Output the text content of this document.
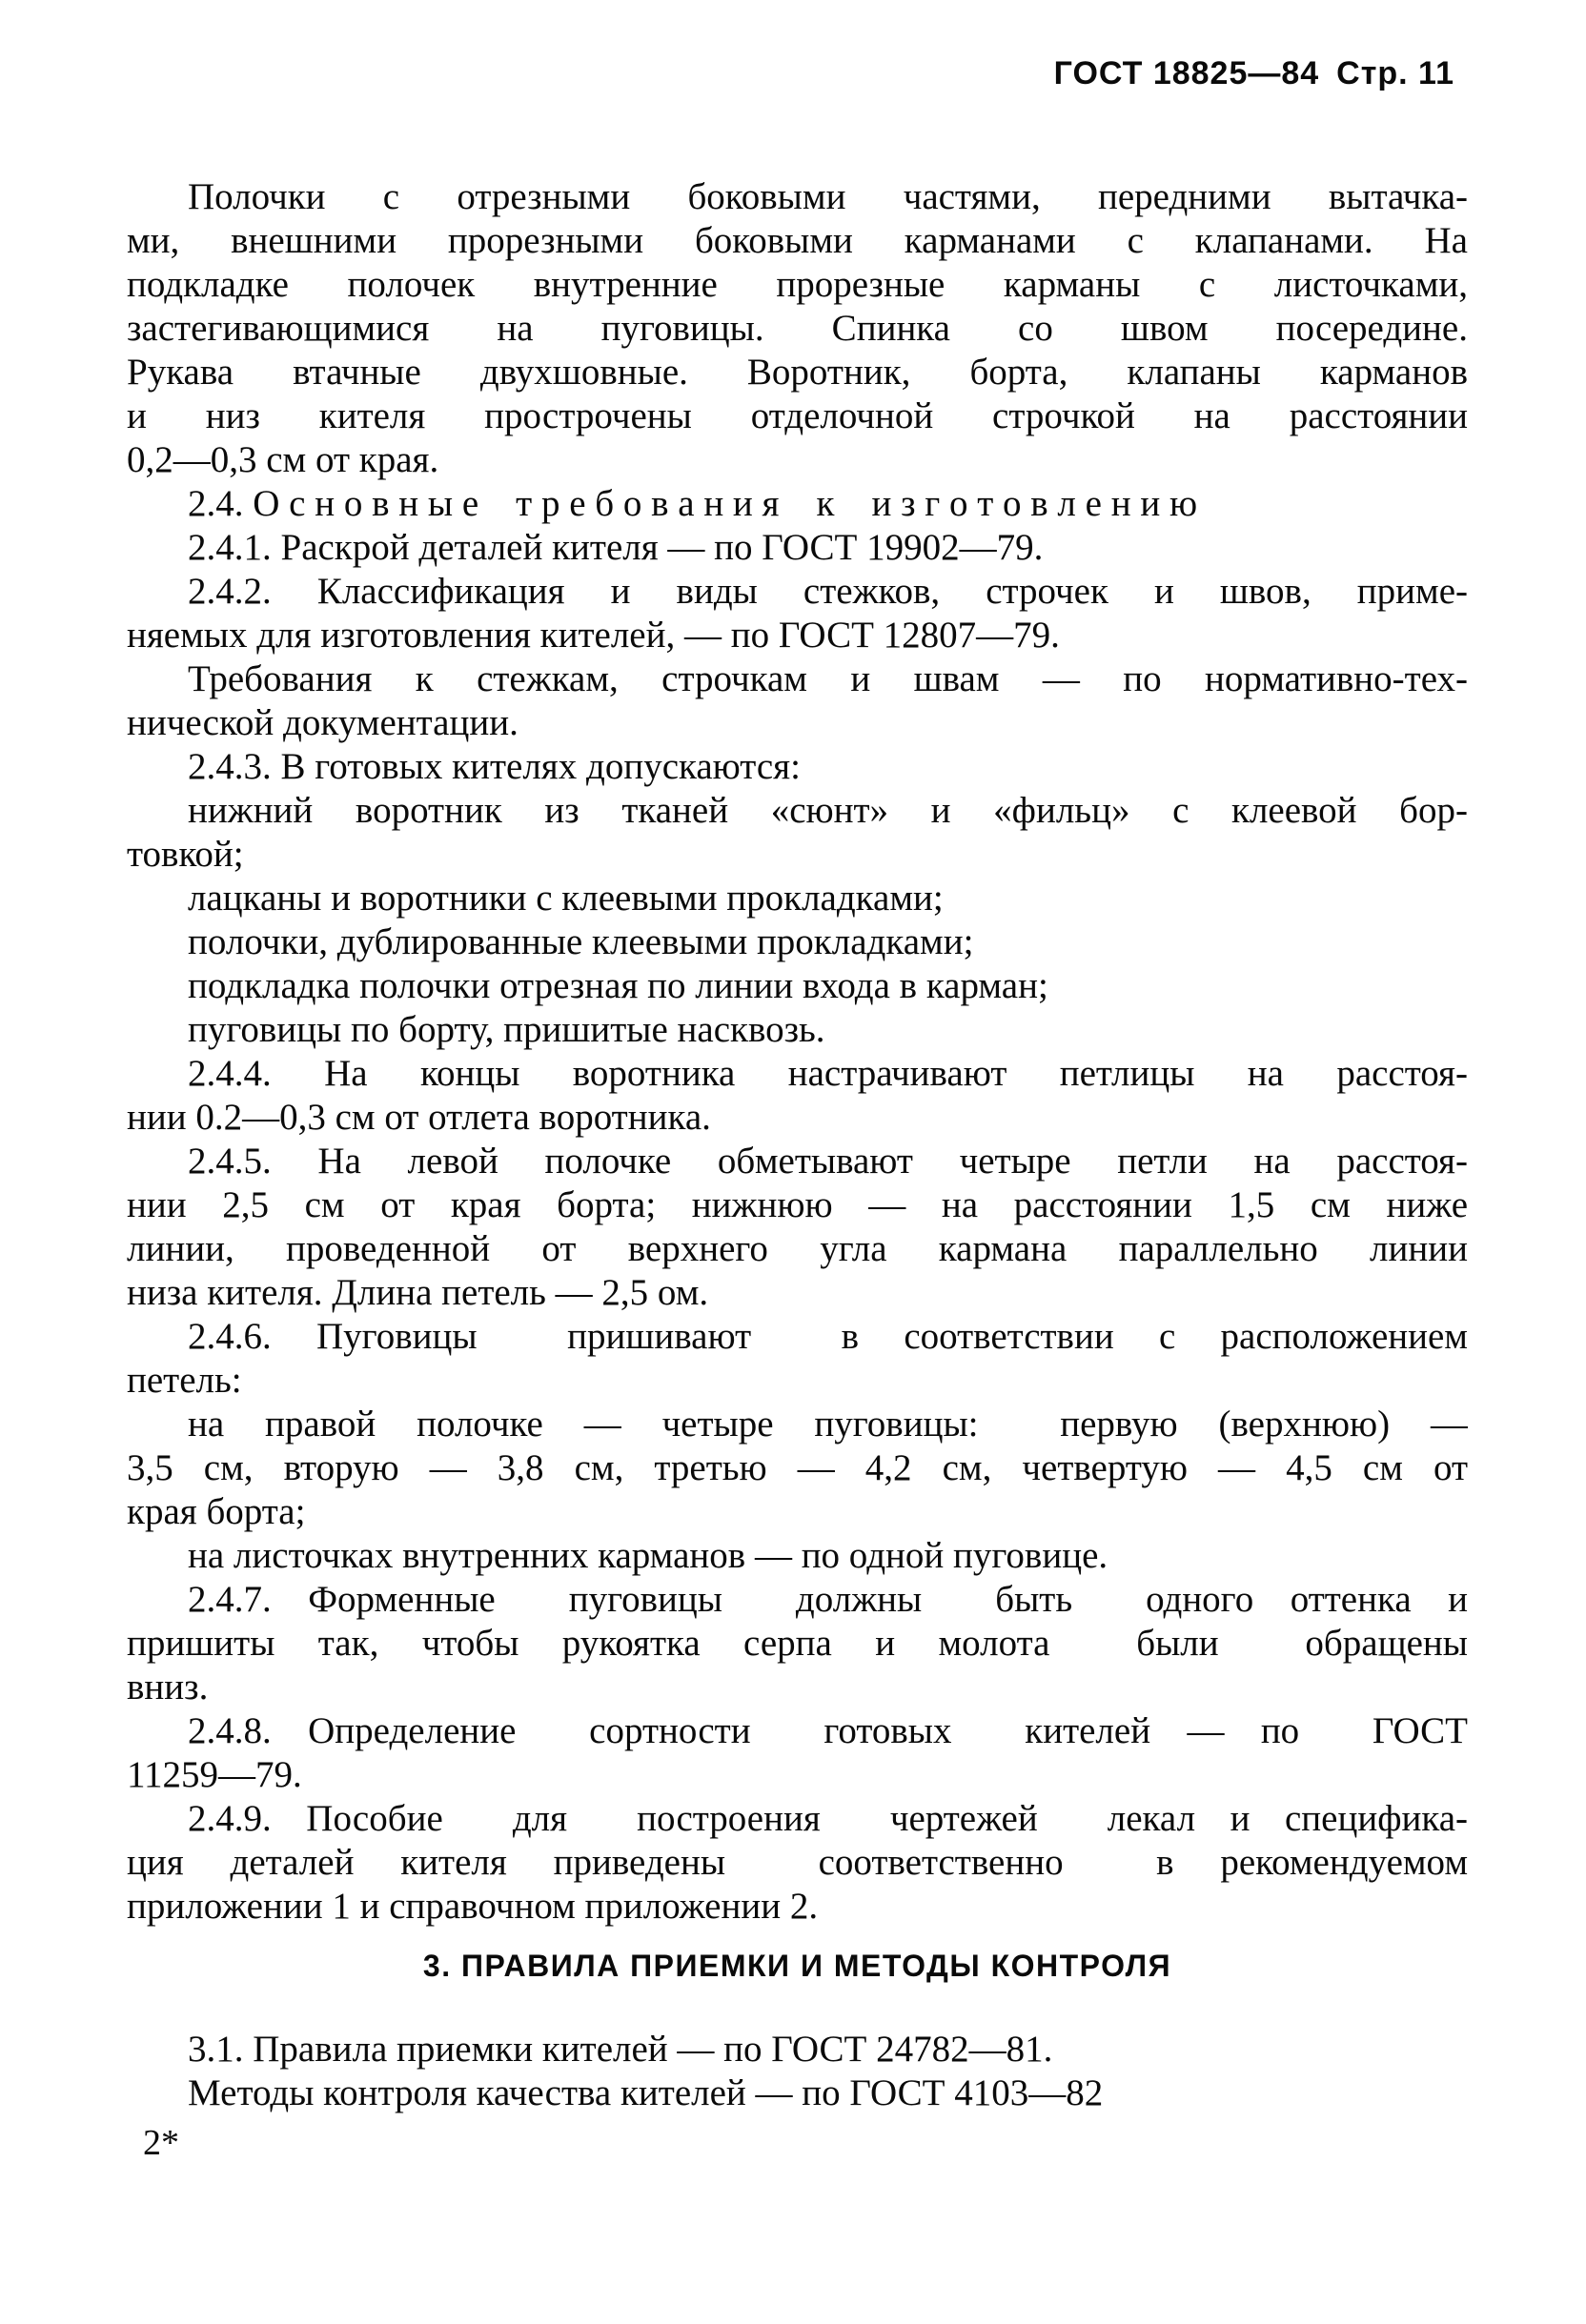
ГОСТ 18825—84 Стр. 11
Полочки с отрезными боковыми частями, передними вытачка-
ми, внешними прорезными боковыми карманами с клапанами. На
подкладке полочек внутренние прорезные карманы с листочками,
застегивающимися на пуговицы. Спинка со швом посередине.
Рукава втачные двухшовные. Воротник, борта, клапаны карманов
и низ кителя прострочены отделочной строчкой на расстоянии
0,2—0,3 см от края.
2.4. О с н о в н ы е т р е б о в а н и я к и з г о т о в л е н и ю
2.4.1. Раскрой деталей кителя — по ГОСТ 19902—79.
2.4.2. Классификация и виды стежков, строчек и швов, приме-
няемых для изготовления кителей, — по ГОСТ 12807—79.
Требования к стежкам, строчкам и швам — по нормативно-тех-
нической документации.
2.4.3. В готовых кителях допускаются:
нижний воротник из тканей «сюнт» и «фильц» с клеевой бор-
товкой;
лацканы и воротники с клеевыми прокладками;
полочки, дублированные клеевыми прокладками;
подкладка полочки отрезная по линии входа в карман;
пуговицы по борту, пришитые насквозь.
2.4.4. На концы воротника настрачивают петлицы на расстоя-
нии 0.2—0,3 см от отлета воротника.
2.4.5. На левой полочке обметывают четыре петли на расстоя-
нии 2,5 см от края борта; нижнюю — на расстоянии 1,5 см ниже
линии, проведенной от верхнего угла кармана параллельно линии
низа кителя. Длина петель — 2,5 ом.
2.4.6. Пуговицы  пришивают  в соответствии с расположением
петель:
на правой полочке — четыре пуговицы:  первую (верхнюю) —
3,5 см, вторую — 3,8 см, третью — 4,2 см, четвертую — 4,5 см от
края борта;
на листочках внутренних карманов — по одной пуговице.
2.4.7. Форменные  пуговицы  должны  быть  одного оттенка и
пришиты так, чтобы рукоятка серпа и молота  были  обращены
вниз.
2.4.8. Определение  сортности  готовых  кителей — по  ГОСТ
11259—79.
2.4.9. Пособие  для  построения  чертежей  лекал и специфика-
ция деталей кителя приведены  соответственно  в рекомендуемом
приложении 1 и справочном приложении 2.
3. ПРАВИЛА ПРИЕМКИ И МЕТОДЫ КОНТРОЛЯ
3.1. Правила приемки кителей — по ГОСТ 24782—81.
Методы контроля качества кителей — по ГОСТ 4103—82
2*
